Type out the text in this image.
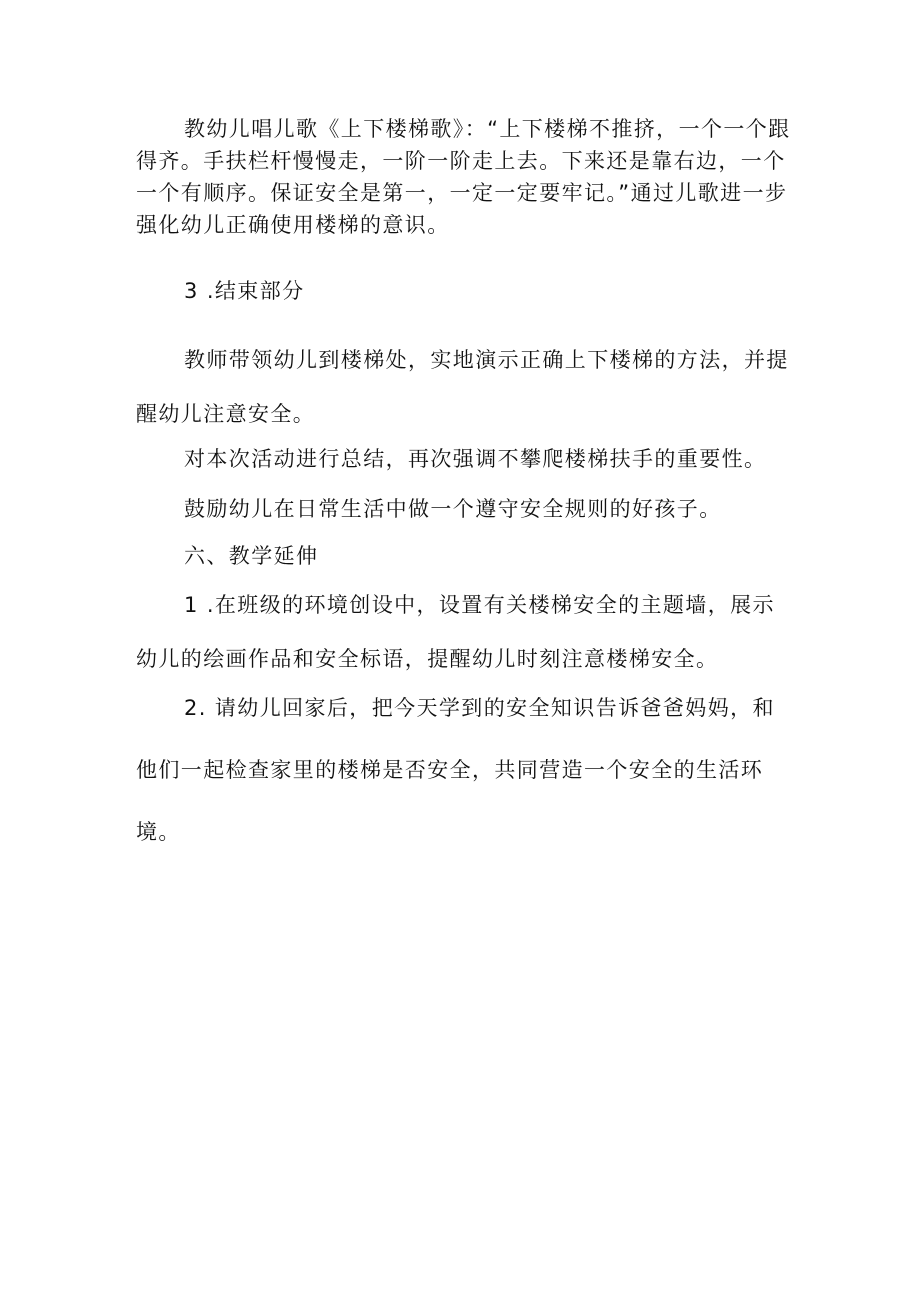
教幼儿唱儿歌《上下楼梯歌》：“上下楼梯不推挤，一个一个跟得齐。手扶栏杆慢慢走，一阶一阶走上去。下来还是靠右边，一个一个有顺序。保证安全是第一，一定一定要牢记。”通过儿歌进一步强化幼儿正确使用楼梯的意识。

3 .结束部分

教师带领幼儿到楼梯处，实地演示正确上下楼梯的方法，并提醒幼儿注意安全。

对本次活动进行总结，再次强调不攀爬楼梯扶手的重要性。

鼓励幼儿在日常生活中做一个遵守安全规则的好孩子。

六、教学延伸

1 .在班级的环境创设中，设置有关楼梯安全的主题墙，展示幼儿的绘画作品和安全标语，提醒幼儿时刻注意楼梯安全。

2. 请幼儿回家后，把今天学到的安全知识告诉爸爸妈妈，和他们一起检查家里的楼梯是否安全，共同营造一个安全的生活环境。
